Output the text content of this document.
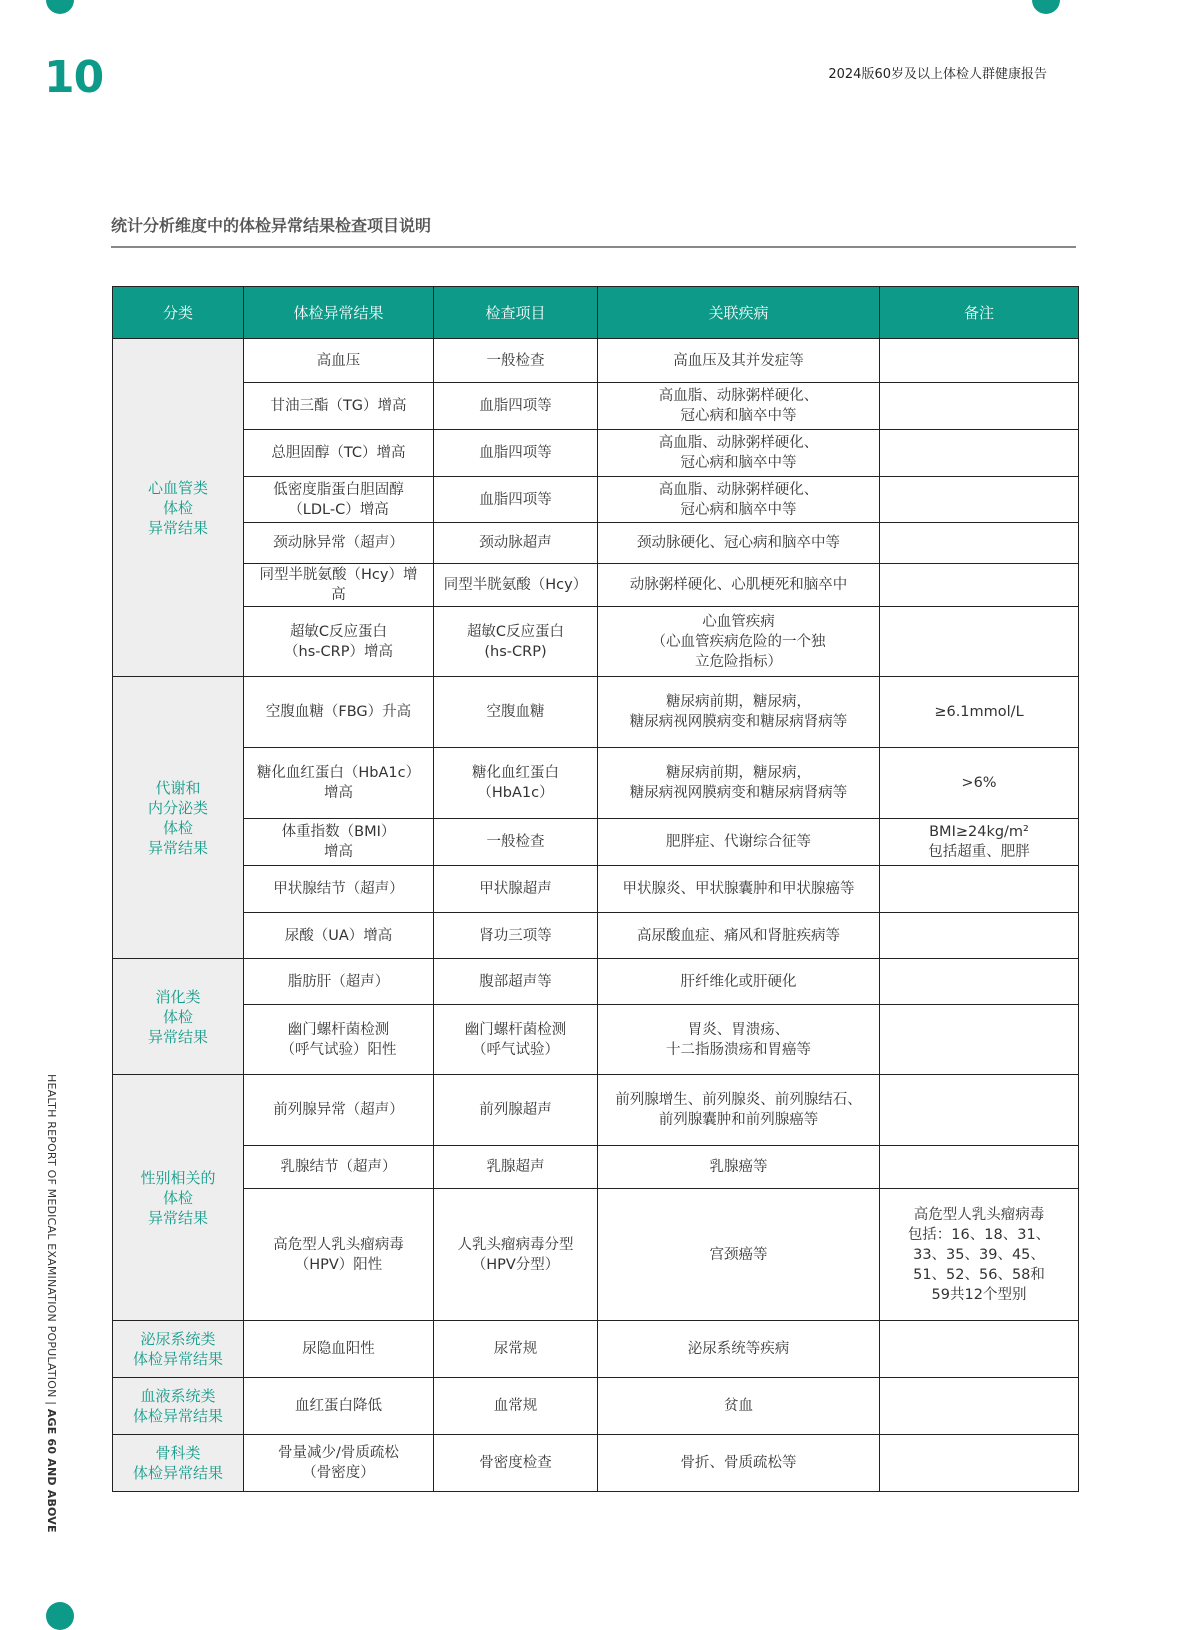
10	2024版60岁及以上体检人群健康报告
统计分析维度中的体检异常结果检查项目说明
HEALTH REPORT OF MEDICAL EXAMINATION POPULATION | AGE 60 AND ABOVE
分类	体检异常结果	检查项目	关联疾病	备注

心血管类
体检
异常结果	高血压	一般检查	高血压及其并发症等	

	甘油三酯（TG）增高	血脂四项等	高血脂、动脉粥样硬化、
冠心病和脑卒中等	

	总胆固醇（TC）增高	血脂四项等	高血脂、动脉粥样硬化、
冠心病和脑卒中等	

	低密度脂蛋白胆固醇
（LDL-C）增高	血脂四项等	高血脂、动脉粥样硬化、
冠心病和脑卒中等	

	颈动脉异常（超声）	颈动脉超声	颈动脉硬化、冠心病和脑卒中等	

	同型半胱氨酸（Hcy）增
高	同型半胱氨酸（Hcy）	动脉粥样硬化、心肌梗死和脑卒中	

	超敏C反应蛋白
（hs-CRP）增高	超敏C反应蛋白
(hs-CRP)	心血管疾病
（心血管疾病危险的一个独
立危险指标）	

代谢和
内分泌类
体检
异常结果	空腹血糖（FBG）升高	空腹血糖	糖尿病前期，糖尿病，
糖尿病视网膜病变和糖尿病肾病等	≥6.1mmol/L

	糖化血红蛋白（HbA1c）
增高	糖化血红蛋白
（HbA1c）	糖尿病前期，糖尿病，
糖尿病视网膜病变和糖尿病肾病等	>6%

	体重指数（BMI）
增高	一般检查	肥胖症、代谢综合征等	BMI≥24kg/m²
包括超重、肥胖

	甲状腺结节（超声）	甲状腺超声	甲状腺炎、甲状腺囊肿和甲状腺癌等	

	尿酸（UA）增高	肾功三项等	高尿酸血症、痛风和肾脏疾病等	

消化类
体检
异常结果	脂肪肝（超声）	腹部超声等	肝纤维化或肝硬化	

	幽门螺杆菌检测
（呼气试验）阳性	幽门螺杆菌检测
（呼气试验）	胃炎、胃溃疡、
十二指肠溃疡和胃癌等	

性别相关的
体检
异常结果	前列腺异常（超声）	前列腺超声	前列腺增生、前列腺炎、前列腺结石、
前列腺囊肿和前列腺癌等	

	乳腺结节（超声）	乳腺超声	乳腺癌等	

	高危型人乳头瘤病毒
（HPV）阳性	人乳头瘤病毒分型
（HPV分型）	宫颈癌等	高危型人乳头瘤病毒
包括：16、18、31、
33、35、39、45、
51、52、56、58和
59共12个型别

泌尿系统类
体检异常结果	尿隐血阳性	尿常规	泌尿系统等疾病	

血液系统类
体检异常结果	血红蛋白降低	血常规	贫血	

骨科类
体检异常结果	骨量减少/骨质疏松
（骨密度）	骨密度检查	骨折、骨质疏松等	
